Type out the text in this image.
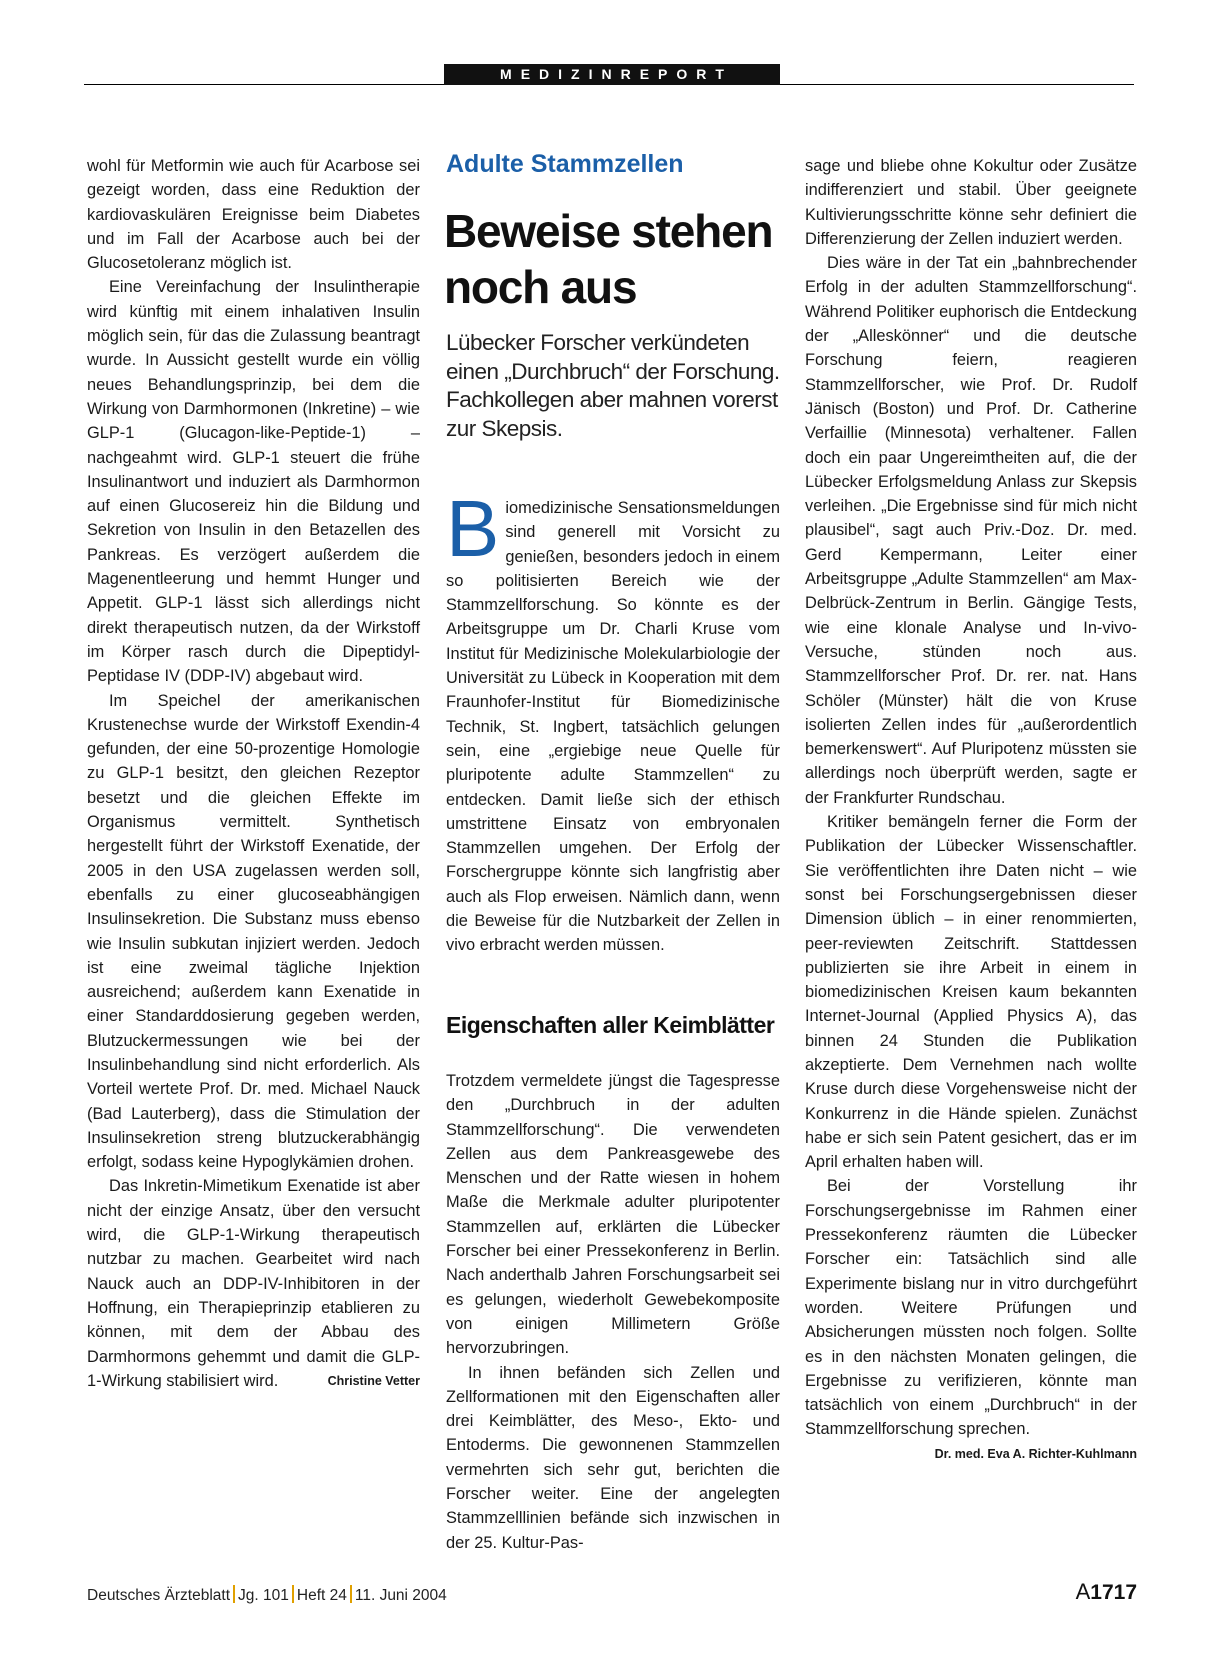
MEDIZINREPORT

wohl für Metformin wie auch für Acarbose sei gezeigt worden, dass eine Reduktion der kardiovaskulären Ereignisse beim Diabetes und im Fall der Acarbose auch bei der Glucosetoleranz möglich ist.

Eine Vereinfachung der Insulintherapie wird künftig mit einem inhalativen Insulin möglich sein, für das die Zulassung beantragt wurde. In Aussicht gestellt wurde ein völlig neues Behandlungsprinzip, bei dem die Wirkung von Darmhormonen (Inkretine) – wie GLP-1 (Glucagon-like-Peptide-1) – nachgeahmt wird. GLP-1 steuert die frühe Insulinantwort und induziert als Darmhormon auf einen Glucosereiz hin die Bildung und Sekretion von Insulin in den Betazellen des Pankreas. Es verzögert außerdem die Magenentleerung und hemmt Hunger und Appetit. GLP-1 lässt sich allerdings nicht direkt therapeutisch nutzen, da der Wirkstoff im Körper rasch durch die Dipeptidyl-Peptidase IV (DDP-IV) abgebaut wird.

Im Speichel der amerikanischen Krustenechse wurde der Wirkstoff Exendin-4 gefunden, der eine 50-prozentige Homologie zu GLP-1 besitzt, den gleichen Rezeptor besetzt und die gleichen Effekte im Organismus vermittelt. Synthetisch hergestellt führt der Wirkstoff Exenatide, der 2005 in den USA zugelassen werden soll, ebenfalls zu einer glucoseabhängigen Insulinsekretion. Die Substanz muss ebenso wie Insulin subkutan injiziert werden. Jedoch ist eine zweimal tägliche Injektion ausreichend; außerdem kann Exenatide in einer Standarddosierung gegeben werden, Blutzuckermessungen wie bei der Insulinbehandlung sind nicht erforderlich. Als Vorteil wertete Prof. Dr. med. Michael Nauck (Bad Lauterberg), dass die Stimulation der Insulinsekretion streng blutzuckerabhängig erfolgt, sodass keine Hypoglykämien drohen.

Das Inkretin-Mimetikum Exenatide ist aber nicht der einzige Ansatz, über den versucht wird, die GLP-1-Wirkung therapeutisch nutzbar zu machen. Gearbeitet wird nach Nauck auch an DDP-IV-Inhibitoren in der Hoffnung, ein Therapieprinzip etablieren zu können, mit dem der Abbau des Darmhormons gehemmt und damit die GLP-1-Wirkung stabilisiert wird.	Christine Vetter

Adulte Stammzellen
Beweise stehen noch aus
Lübecker Forscher verkündeten einen „Durchbruch“ der Forschung. Fachkollegen aber mahnen vorerst zur Skepsis.
Biomedizinische Sensationsmeldungen sind generell mit Vorsicht zu genießen, besonders jedoch in einem so politisierten Bereich wie der Stammzellforschung. So könnte es der Arbeitsgruppe um Dr. Charli Kruse vom Institut für Medizinische Molekularbiologie der Universität zu Lübeck in Kooperation mit dem Fraunhofer-Institut für Biomedizinische Technik, St. Ingbert, tatsächlich gelungen sein, eine „ergiebige neue Quelle für pluripotente adulte Stammzellen“ zu entdecken. Damit ließe sich der ethisch umstrittene Einsatz von embryonalen Stammzellen umgehen. Der Erfolg der Forschergruppe könnte sich langfristig aber auch als Flop erweisen. Nämlich dann, wenn die Beweise für die Nutzbarkeit der Zellen in vivo erbracht werden müssen.
Eigenschaften aller Keimblätter

Trotzdem vermeldete jüngst die Tagespresse den „Durchbruch in der adulten Stammzellforschung“. Die verwendeten Zellen aus dem Pankreasgewebe des Menschen und der Ratte wiesen in hohem Maße die Merkmale adulter pluripotenter Stammzellen auf, erklärten die Lübecker Forscher bei einer Pressekonferenz in Berlin. Nach anderthalb Jahren Forschungsarbeit sei es gelungen, wiederholt Gewebekomposite von einigen Millimetern Größe hervorzubringen.

In ihnen befänden sich Zellen und Zellformationen mit den Eigenschaften aller drei Keimblätter, des Meso-, Ekto- und Entoderms. Die gewonnenen Stammzellen vermehrten sich sehr gut, berichten die Forscher weiter. Eine der angelegten Stammzelllinien befände sich inzwischen in der 25. Kultur-Pas-

sage und bliebe ohne Kokultur oder Zusätze indifferenziert und stabil. Über geeignete Kultivierungsschritte könne sehr definiert die Differenzierung der Zellen induziert werden.

Dies wäre in der Tat ein „bahnbrechender Erfolg in der adulten Stammzellforschung“. Während Politiker euphorisch die Entdeckung der „Alleskönner“ und die deutsche Forschung feiern, reagieren Stammzellforscher, wie Prof. Dr. Rudolf Jänisch (Boston) und Prof. Dr. Catherine Verfaillie (Minnesota) verhaltener. Fallen doch ein paar Ungereimtheiten auf, die der Lübecker Erfolgsmeldung Anlass zur Skepsis verleihen. „Die Ergebnisse sind für mich nicht plausibel“, sagt auch Priv.-Doz. Dr. med. Gerd Kempermann, Leiter einer Arbeitsgruppe „Adulte Stammzellen“ am Max-Delbrück-Zentrum in Berlin. Gängige Tests, wie eine klonale Analyse und In-vivo-Versuche, stünden noch aus. Stammzellforscher Prof. Dr. rer. nat. Hans Schöler (Münster) hält die von Kruse isolierten Zellen indes für „außerordentlich bemerkenswert“. Auf Pluripotenz müssten sie allerdings noch überprüft werden, sagte er der Frankfurter Rundschau.

Kritiker bemängeln ferner die Form der Publikation der Lübecker Wissenschaftler. Sie veröffentlichten ihre Daten nicht – wie sonst bei Forschungsergebnissen dieser Dimension üblich – in einer renommierten, peer-reviewten Zeitschrift. Stattdessen publizierten sie ihre Arbeit in einem in biomedizinischen Kreisen kaum bekannten Internet-Journal (Applied Physics A), das binnen 24 Stunden die Publikation akzeptierte. Dem Vernehmen nach wollte Kruse durch diese Vorgehensweise nicht der Konkurrenz in die Hände spielen. Zunächst habe er sich sein Patent gesichert, das er im April erhalten haben will.

Bei der Vorstellung ihr Forschungsergebnisse im Rahmen einer Pressekonferenz räumten die Lübecker Forscher ein: Tatsächlich sind alle Experimente bislang nur in vitro durchgeführt worden. Weitere Prüfungen und Absicherungen müssten noch folgen. Sollte es in den nächsten Monaten gelingen, die Ergebnisse zu verifizieren, könnte man tatsächlich von einem „Durchbruch“ in der Stammzellforschung sprechen.
Dr. med. Eva A. Richter-Kuhlmann

Deutsches Ärzteblatt Jg. 101 Heft 24 11. Juni 2004	A1717
